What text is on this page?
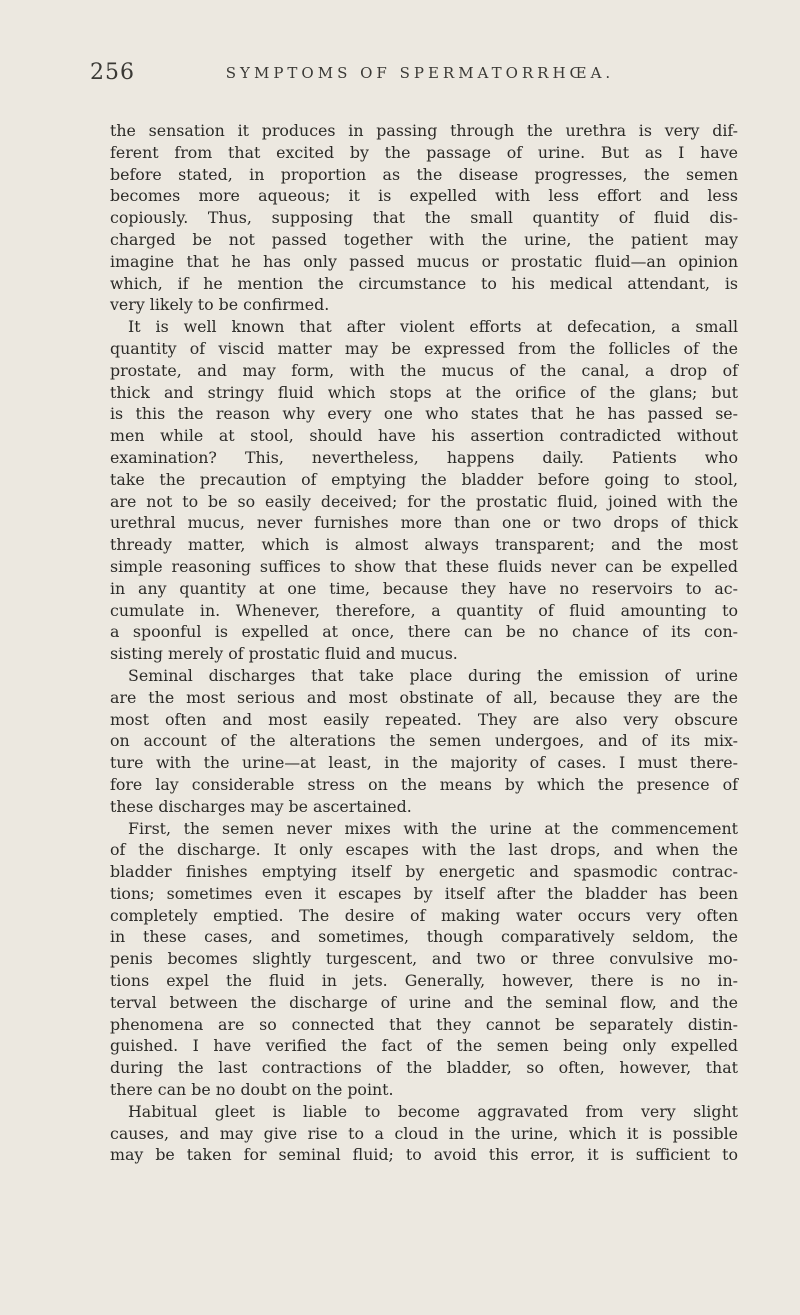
256	SYMPTOMS OF SPERMATORRHŒA.
the sensation it produces in passing through the urethra is very dif-
ferent from that excited by the passage of urine. But as I have
before stated, in proportion as the disease progresses, the semen
becomes more aqueous; it is expelled with less effort and less
copiously. Thus, supposing that the small quantity of fluid dis-
charged be not passed together with the urine, the patient may
imagine that he has only passed mucus or prostatic fluid—an opinion
which, if he mention the circumstance to his medical attendant, is
very likely to be confirmed.
It is well known that after violent efforts at defecation, a small
quantity of viscid matter may be expressed from the follicles of the
prostate, and may form, with the mucus of the canal, a drop of
thick and stringy fluid which stops at the orifice of the glans; but
is this the reason why every one who states that he has passed se-
men while at stool, should have his assertion contradicted without
examination? This, nevertheless, happens daily. Patients who
take the precaution of emptying the bladder before going to stool,
are not to be so easily deceived; for the prostatic fluid, joined with the
urethral mucus, never furnishes more than one or two drops of thick
thready matter, which is almost always transparent; and the most
simple reasoning suffices to show that these fluids never can be expelled
in any quantity at one time, because they have no reservoirs to ac-
cumulate in. Whenever, therefore, a quantity of fluid amounting to
a spoonful is expelled at once, there can be no chance of its con-
sisting merely of prostatic fluid and mucus.
Seminal discharges that take place during the emission of urine
are the most serious and most obstinate of all, because they are the
most often and most easily repeated. They are also very obscure
on account of the alterations the semen undergoes, and of its mix-
ture with the urine—at least, in the majority of cases. I must there-
fore lay considerable stress on the means by which the presence of
these discharges may be ascertained.
First, the semen never mixes with the urine at the commencement
of the discharge. It only escapes with the last drops, and when the
bladder finishes emptying itself by energetic and spasmodic contrac-
tions; sometimes even it escapes by itself after the bladder has been
completely emptied. The desire of making water occurs very often
in these cases, and sometimes, though comparatively seldom, the
penis becomes slightly turgescent, and two or three convulsive mo-
tions expel the fluid in jets. Generally, however, there is no in-
terval between the discharge of urine and the seminal flow, and the
phenomena are so connected that they cannot be separately distin-
guished. I have verified the fact of the semen being only expelled
during the last contractions of the bladder, so often, however, that
there can be no doubt on the point.
Habitual gleet is liable to become aggravated from very slight
causes, and may give rise to a cloud in the urine, which it is possible
may be taken for seminal fluid; to avoid this error, it is sufficient to
